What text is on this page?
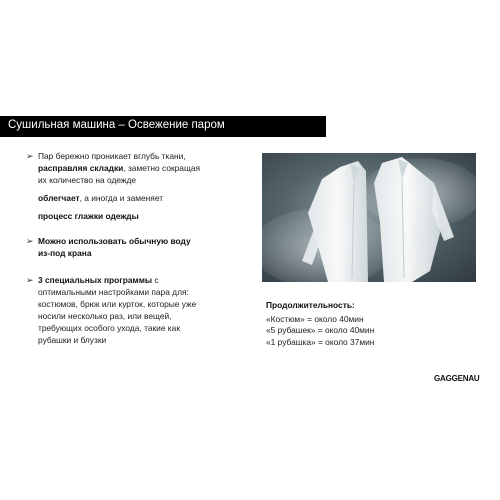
Сушильная машина – Освежение паром
➢ Пар бережно проникает вглубь ткани,
расправляя складки, заметно сокращая
их количество на одежде
облегчает, а иногда и заменяет
процесс глажки одежды
➢ Можно использовать обычную воду
из-под крана
➢ 3 специальных программы с
оптимальными настройками пара для:
костюмов, брюк или курток, которые уже
носили несколько раз, или вещей,
требующих особого ухода, такие как
рубашки и блузки
Продолжительность:
«Костюм» = около 40мин
«5 рубашек» = около 40мин
«1 рубашка» = около 37мин
GAGGENAU
